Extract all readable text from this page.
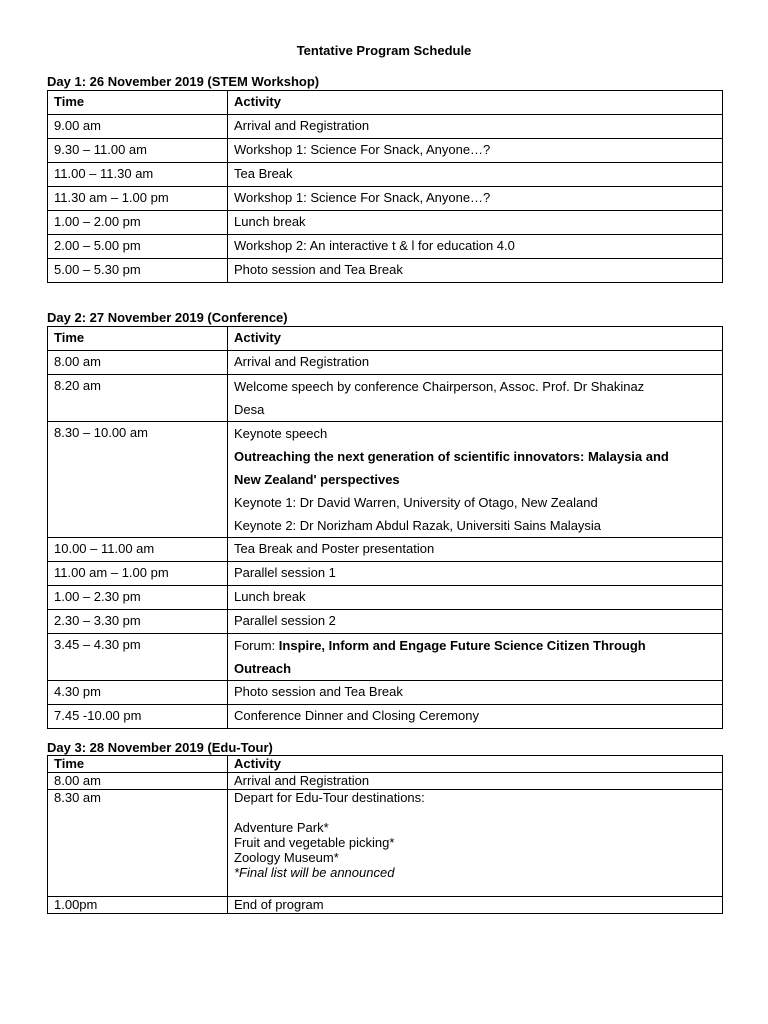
Tentative Program Schedule
Day 1: 26 November 2019 (STEM Workshop)
Time	Activity
9.00 am	Arrival and Registration
9.30 – 11.00 am	Workshop 1: Science For Snack, Anyone…?
11.00 – 11.30 am	Tea Break
11.30 am – 1.00 pm	Workshop 1: Science For Snack, Anyone…?
1.00 – 2.00 pm	Lunch break
2.00 – 5.00 pm	Workshop 2: An interactive t & l for education 4.0
5.00 – 5.30 pm	Photo session and Tea Break
Day 2: 27 November 2019 (Conference)
Time	Activity
8.00 am	Arrival and Registration
8.20 am	Welcome speech by conference Chairperson, Assoc. Prof. Dr Shakinaz
Desa

8.30 – 10.00 am	Keynote speech
Outreaching the next generation of scientific innovators: Malaysia and
New Zealand' perspectives
Keynote 1: Dr David Warren, University of Otago, New Zealand
Keynote 2: Dr Norizham Abdul Razak, Universiti Sains Malaysia

10.00 – 11.00 am	Tea Break and Poster presentation
11.00 am – 1.00 pm	Parallel session 1
1.00 – 2.30 pm	Lunch break
2.30 – 3.30 pm	Parallel session 2
3.45 – 4.30 pm	Forum: Inspire, Inform and Engage Future Science Citizen Through
Outreach

4.30 pm	Photo session and Tea Break
7.45 -10.00 pm	Conference Dinner and Closing Ceremony
Day 3: 28 November 2019 (Edu-Tour)
Time	Activity
8.00 am	Arrival and Registration
8.30 am	Depart for Edu-Tour destinations:
Adventure Park*
Fruit and vegetable picking*
Zoology Museum*
*Final list will be announced

1.00pm	End of program
